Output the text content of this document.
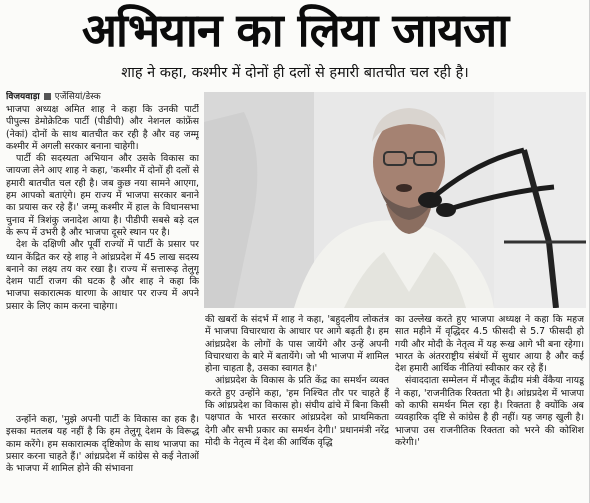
अभियान का लिया जायजा
शाह ने कहा, कश्मीर में दोनों ही दलों से हमारी बातचीत चल रही है।
विजयवाड़ा एजेंसियां/डेस्क

भाजपा अध्यक्ष अमित शाह ने कहा कि उनकी पार्टी पीपुल्स डेमोक्रेटिक पार्टी (पीडीपी) और नेशनल कांफ्रेंस (नेकां) दोनों के साथ बातचीत कर रही है और वह जम्मू कश्मीर में अगली सरकार बनाना चाहेगी।

पार्टी की सदस्यता अभियान और उसके विकास का जायजा लेने आए शाह ने कहा, 'कश्मीर में दोनों ही दलों से हमारी बातचीत चल रही है। जब कुछ नया सामने आएगा, हम आपको बताएंगे। हम राज्य में भाजपा सरकार बनाने का प्रयास कर रहे हैं।' जम्मू कश्मीर में हाल के विधानसभा चुनाव में त्रिशंकु जनादेश आया है। पीडीपी सबसे बड़े दल के रूप में उभरी है और भाजपा दूसरे स्थान पर है।

देश के दक्षिणी और पूर्वी राज्यों में पार्टी के प्रसार पर ध्यान केंद्रित कर रहे शाह ने आंध्रप्रदेश में 45 लाख सदस्य बनाने का लक्ष्य तय कर रखा है। राज्य में सत्तारूढ़ तेलुगू देशम पार्टी राजग की घटक है और शाह ने कहा कि भाजपा सकारात्मक धारणा के आधार पर राज्य में अपने प्रसार के लिए काम करना चाहेगा।

उन्होंने कहा, 'मुझे अपनी पार्टी के विकास का हक है। इसका मतलब यह नहीं है कि हम तेलुगू देशम के विरूद्ध काम करेंगे। हम सकारात्मक दृष्टिकोण के साथ भाजपा का प्रसार करना चाहते हैं।' आंध्रप्रदेश में कांग्रेस से कई नेताओं के भाजपा में शामिल होने की संभावना

की खबरों के संदर्भ में शाह ने कहा, 'बहुदलीय लोकतंत्र में भाजपा विचारधारा के आधार पर आगे बढ़ती है। हम आंध्रप्रदेश के लोगों के पास जायेंगे और उन्हें अपनी विचारधारा के बारे में बतायेंगे। जो भी भाजपा में शामिल होना चाहता है, उसका स्वागत है।'

आंध्रप्रदेश के विकास के प्रति केंद्र का समर्थन व्यक्त करते हुए उन्होंने कहा, 'हम निश्चित तौर पर चाहते हैं कि आंध्रप्रदेश का विकास हो। संघीय ढांचे में बिना किसी पक्षपात के भारत सरकार आंध्रप्रदेश को प्राथमिकता देगी और सभी प्रकार का समर्थन देगी।' प्रधानमंत्री नरेंद्र मोदी के नेतृत्व में देश की आर्थिक वृद्धि

का उल्लेख करते हुए भाजपा अध्यक्ष ने कहा कि महज सात महीने में वृद्धिदर 4.5 फीसदी से 5.7 फीसदी हो गयी और मोदी के नेतृत्व में यह रूख आगे भी बना रहेगा। भारत के अंतरराष्ट्रीय संबंधों में सुधार आया है और कई देश हमारी आर्थिक नीतियां स्वीकार कर रहे हैं।

संवाददाता सम्मेलन में मौजूद केंद्रीय मंत्री वेंकैया नायडू ने कहा, 'राजनीतिक रिक्तता भी है। आंध्रप्रदेश में भाजपा को काफी समर्थन मिल रहा है। रिक्तता है क्योंकि अब व्यवहारिक दृष्टि से कांग्रेस है ही नहीं। यह जगह खुली है। भाजपा उस राजनीतिक रिक्तता को भरने की कोशिश करेगी।'
